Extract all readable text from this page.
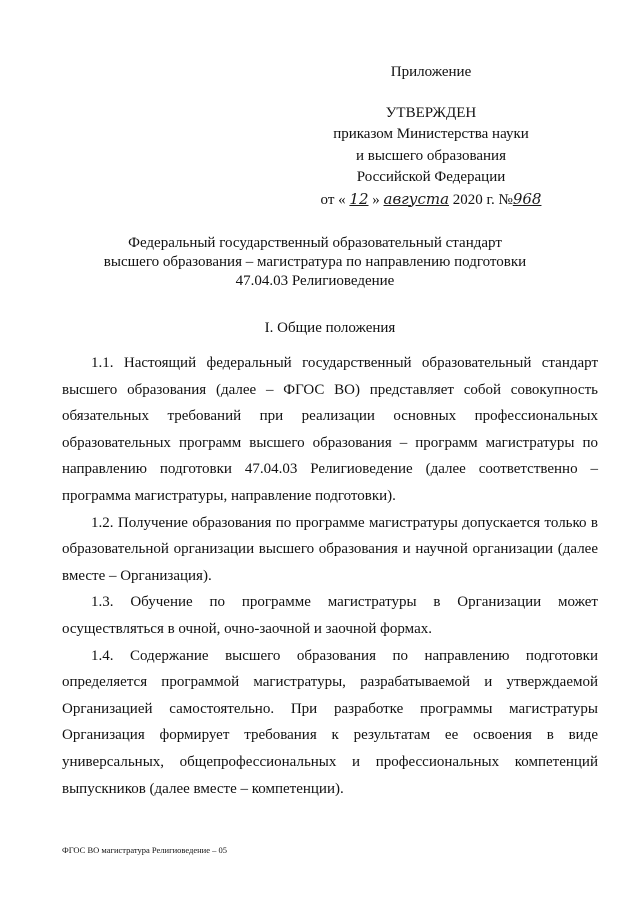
Приложение
УТВЕРЖДЕН
приказом Министерства науки
и высшего образования
Российской Федерации
от « 12 » августа 2020 г. №968
Федеральный государственный образовательный стандарт
высшего образования – магистратура по направлению подготовки
47.04.03 Религиоведение
I. Общие положения

1.1. Настоящий федеральный государственный образовательный стандарт высшего образования (далее – ФГОС ВО) представляет собой совокупность обязательных требований при реализации основных профессиональных образовательных программ высшего образования – программ магистратуры по направлению подготовки 47.04.03 Религиоведение (далее соответственно – программа магистратуры, направление подготовки).

1.2. Получение образования по программе магистратуры допускается только в образовательной организации высшего образования и научной организации (далее вместе – Организация).

1.3. Обучение по программе магистратуры в Организации может осуществляться в очной, очно-заочной и заочной формах.

1.4. Содержание высшего образования по направлению подготовки определяется программой магистратуры, разрабатываемой и утверждаемой Организацией самостоятельно. При разработке программы магистратуры Организация формирует требования к результатам ее освоения в виде универсальных, общепрофессиональных и профессиональных компетенций выпускников (далее вместе – компетенции).

ФГОС ВО магистратура Религиоведение – 05
